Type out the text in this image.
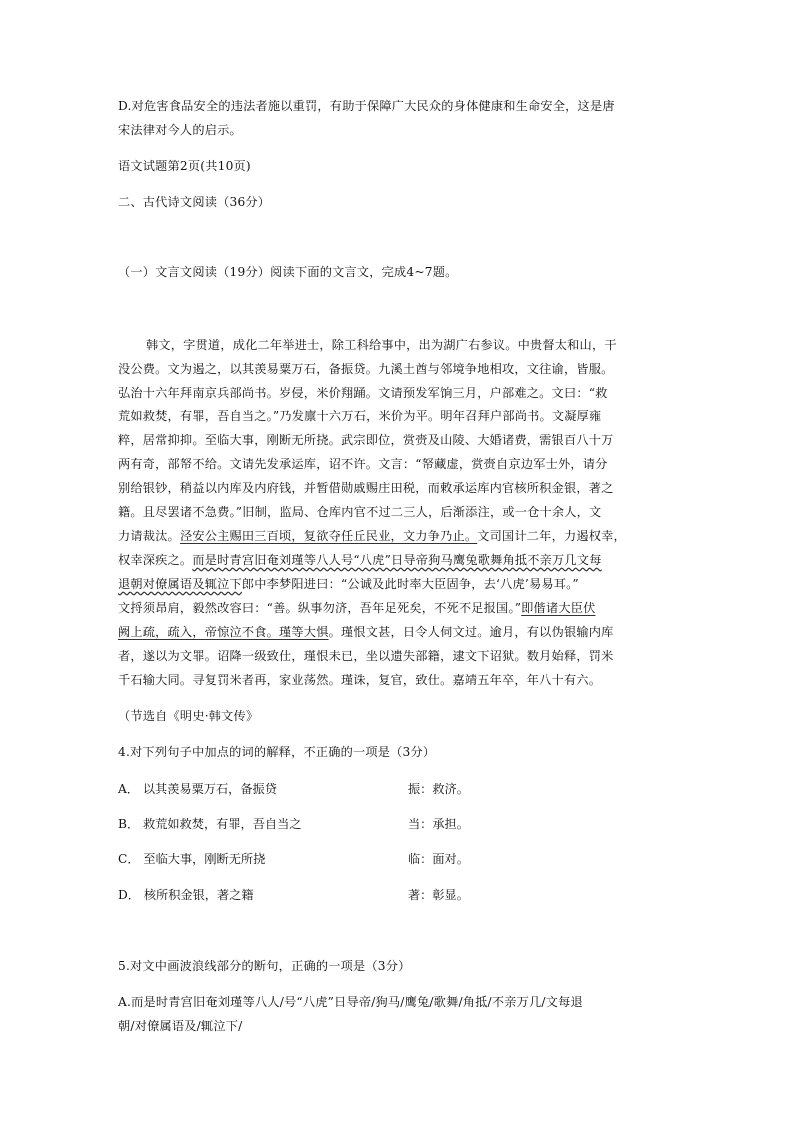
D.对危害食品安全的违法者施以重罚，有助于保障广大民众的身体健康和生命安全，这是唐
宋法律对今人的启示。
语文试题第2页(共10页)
二、古代诗文阅读（36分）
（一）文言文阅读（19分）阅读下面的文言文，完成4~7题。
韩文，字贯道，成化二年举进士，除工科给事中，出为湖广右参议。中贵督太和山，干
没公费。文为遏之，以其羡易粟万石，备振贷。九溪土酋与邻境争地相攻，文往谕，皆服。
弘治十六年拜南京兵部尚书。岁侵，米价翔踊。文请预发军饷三月，户部难之。文曰：“救
荒如救焚，有罪，吾自当之。”乃发廪十六万石，米价为平。明年召拜户部尚书。文凝厚雍
粹，居常抑抑。至临大事，刚断无所挠。武宗即位，赏赍及山陵、大婚诸费，需银百八十万
两有奇，部帑不给。文请先发承运库，诏不许。文言：“帑藏虚，赏赍自京边军士外，请分
别给银钞，稍益以内库及内府钱，并暂借勋戚赐庄田税，而敕承运库内官核所积金银，著之
籍。且尽罢诸不急费。”旧制，监局、仓库内官不过二三人，后渐添注，或一仓十余人，文
力请裁汰。泾安公主赐田三百顷，复欲夺任丘民业，文力争乃止。文司国计二年，力遏权幸，
权幸深疾之。而是时青宫旧奄刘瑾等八人号“八虎”日导帝狗马鹰兔歌舞角抵不亲万几文每
退朝对僚属语及辄泣下郎中李梦阳进曰：“公诚及此时率大臣固争，去‘八虎’易易耳。”
文捋须昂肩，毅然改容曰：“善。纵事勿济，吾年足死矣，不死不足报国。”即偕诸大臣伏
阙上疏，疏入，帝惊泣不食。瑾等大惧。瑾恨文甚，日令人伺文过。逾月，有以伪银输内库
者，遂以为文罪。诏降一级致仕，瑾恨未已，坐以遗失部籍，逮文下诏狱。数月始释，罚米
千石输大同。寻复罚米者再，家业荡然。瑾诛，复官，致仕。嘉靖五年卒，年八十有六。
（节选自《明史·韩文传》
4.对下列句子中加点的词的解释，不正确的一项是（3分）
A． 以其羡易粟万石，备振贷	振：救济。
B． 救荒如救焚，有罪，吾自当之	当：承担。
C． 至临大事，刚断无所挠	临：面对。
D． 核所积金银，著之籍	著：彰显。
5.对文中画波浪线部分的断句，正确的一项是（3分）
A.而是时青宫旧奄刘瑾等八人/号“八虎”日导帝/狗马/鹰兔/歌舞/角抵/不亲万几/文每退
朝/对僚属语及/辄泣下/
